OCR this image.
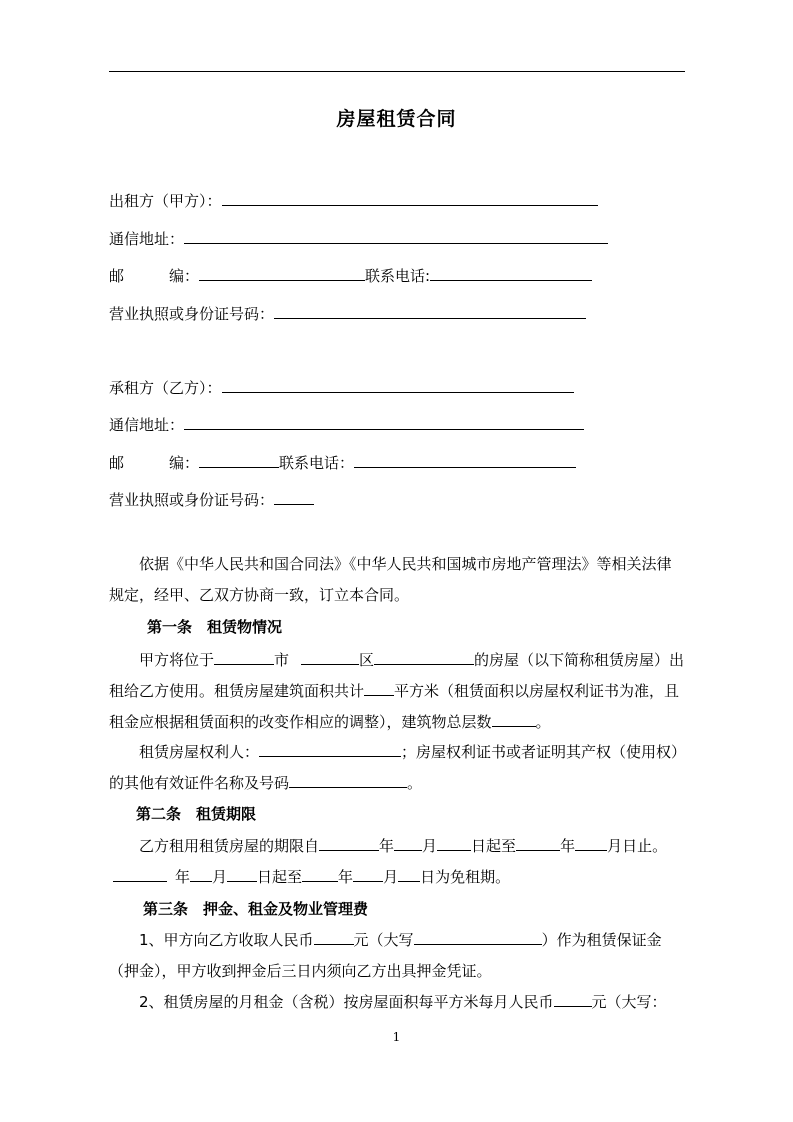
房屋租赁合同
出租方（甲方）：
通信地址：
邮　　　编：	联系电话:
营业执照或身份证号码：
承租方（乙方）：
通信地址：
邮　　　编：	联系电话：
营业执照或身份证号码：
依据《中华人民共和国合同法》《中华人民共和国城市房地产管理法》等相关法律规定，经甲、乙双方协商一致，订立本合同。
第一条　租赁物情况
甲方将位于	市	区	的房屋（以下简称租赁房屋）出租给乙方使用。租赁房屋建筑面积共计 平方米（租赁面积以房屋权利证书为准，且租金应根据租赁面积的改变作相应的调整），建筑物总层数	。
租赁房屋权利人：	；房屋权利证书或者证明其产权（使用权）的其他有效证件名称及号码	。
第二条　租赁期限
乙方租用租赁房屋的期限自	年 月 日起至	年 月日止。年 月 日起至 年 月 日为免租期。
第三条　押金、租金及物业管理费
1、甲方向乙方收取人民币	元（大写	）作为租赁保证金（押金），甲方收到押金后三日内须向乙方出具押金凭证。
2、租赁房屋的月租金（含税）按房屋面积每平方米每月人民币	元（大写：
1
